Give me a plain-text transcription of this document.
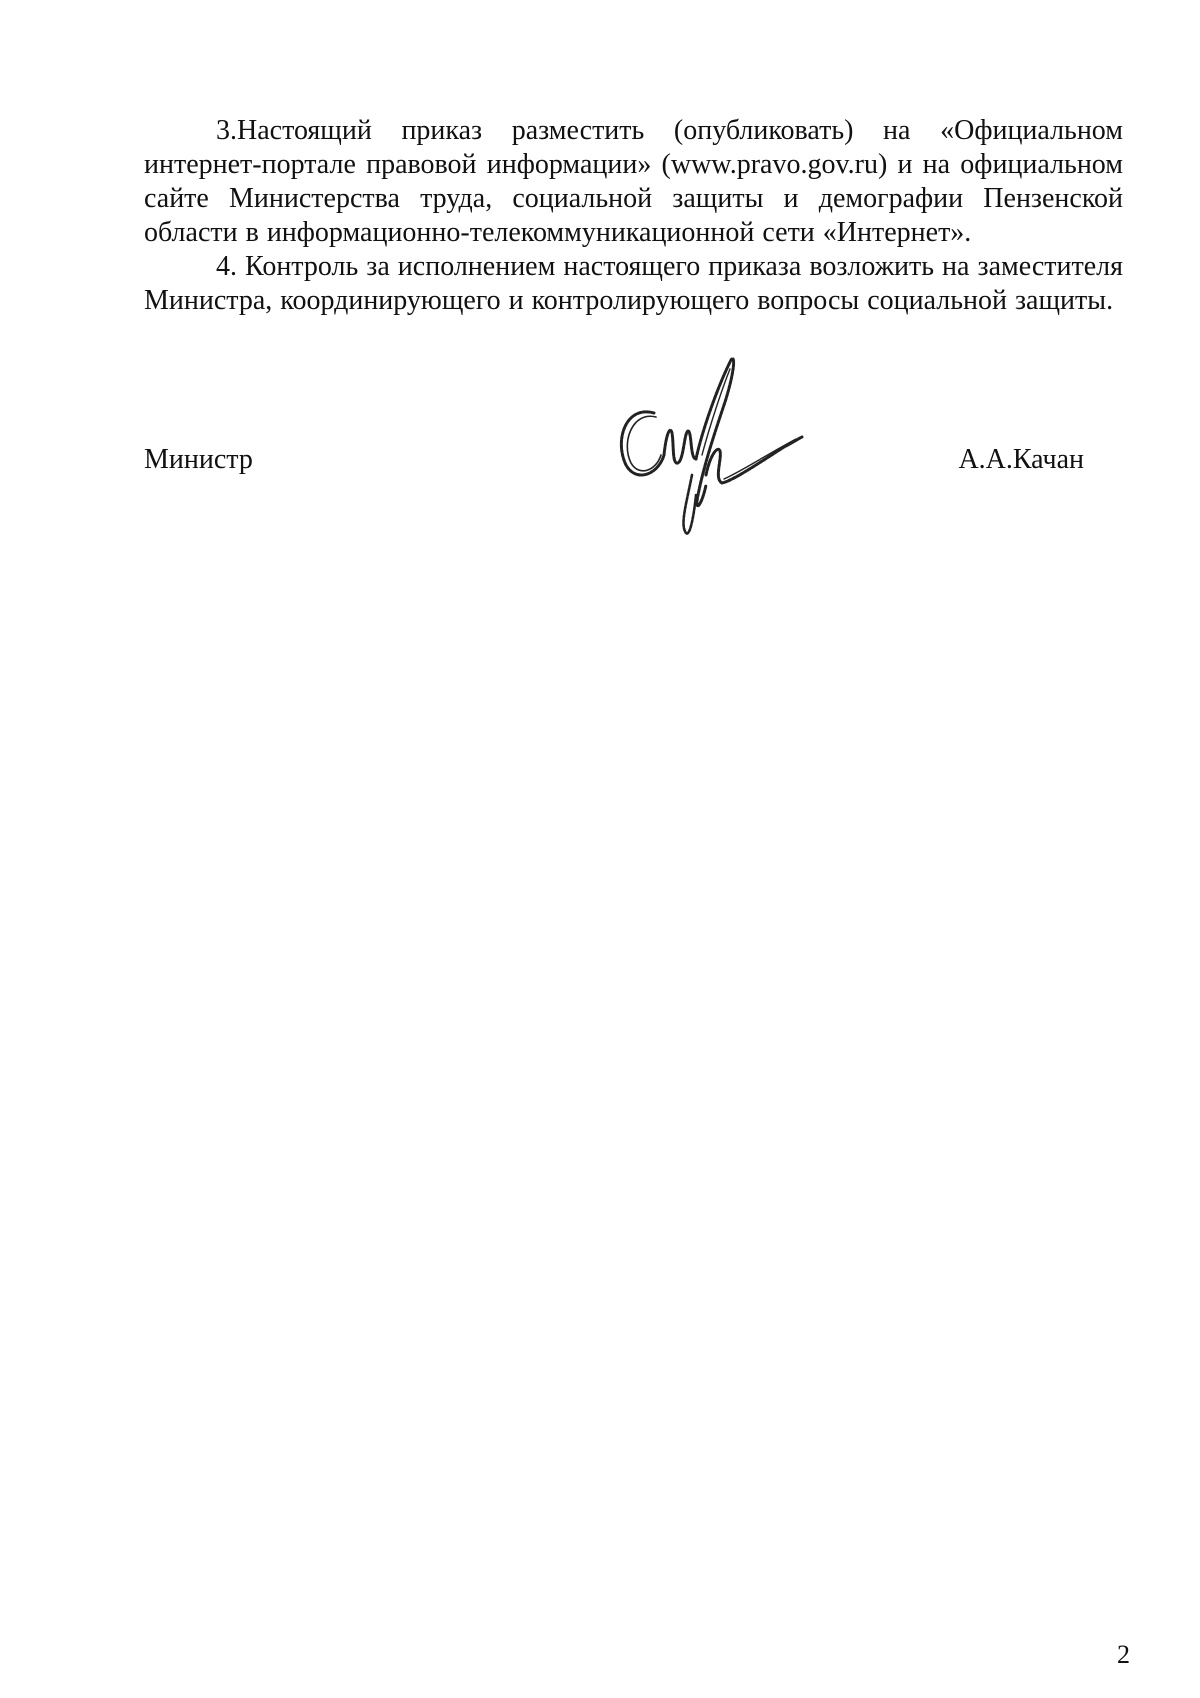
3.Настоящий приказ разместить (опубликовать) на «Официальном интернет-портале правовой информации» (www.pravo.gov.ru) и на официальном сайте Министерства труда, социальной защиты и демографии Пензенской области в информационно-телекоммуникационной сети «Интернет».

4. Контроль за исполнением настоящего приказа возложить на заместителя Министра, координирующего и контролирующего вопросы социальной защиты.

Министр	А.А.Качан
2
